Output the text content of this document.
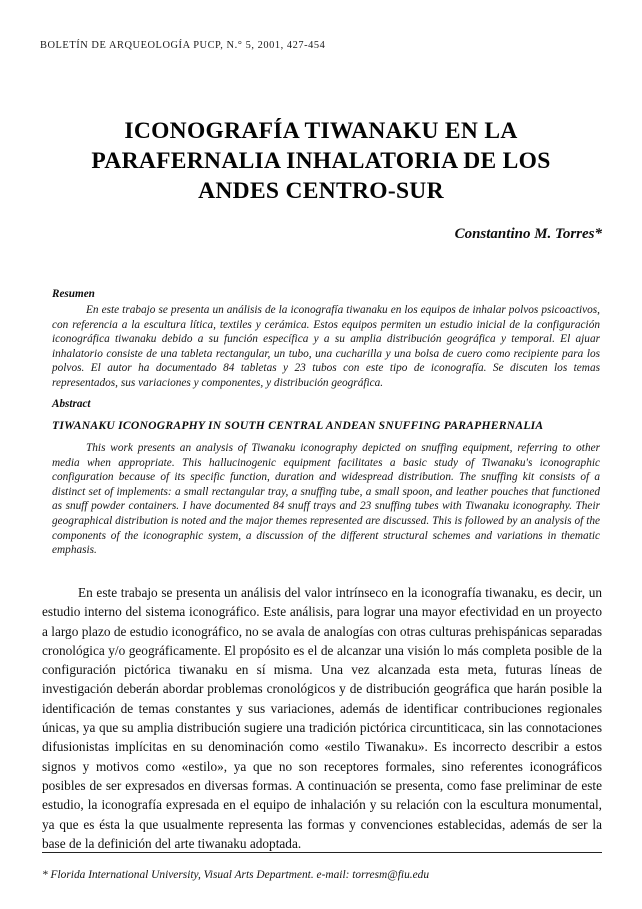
BOLETÍN DE ARQUEOLOGÍA PUCP, N.° 5, 2001, 427-454
ICONOGRAFÍA TIWANAKU EN LA
PARAFERNALIA INHALATORIA DE LOS
ANDES CENTRO-SUR
Constantino M. Torres*
Resumen
En este trabajo se presenta un análisis de la iconografía tiwanaku en los equipos de inhalar polvos psicoactivos, con referencia a la escultura lítica, textiles y cerámica. Estos equipos permiten un estudio inicial de la configuración iconográfica tiwanaku debido a su función específica y a su amplia distribución geográfica y temporal. El ajuar inhalatorio consiste de una tableta rectangular, un tubo, una cucharilla y una bolsa de cuero como recipiente para los polvos. El autor ha documentado 84 tabletas y 23 tubos con este tipo de iconografía. Se discuten los temas representados, sus variaciones y componentes, y distribución geográfica.
Abstract
TIWANAKU ICONOGRAPHY IN SOUTH CENTRAL ANDEAN SNUFFING PARAPHERNALIA
This work presents an analysis of Tiwanaku iconography depicted on snuffing equipment, referring to other media when appropriate. This hallucinogenic equipment facilitates a basic study of Tiwanaku's iconographic configuration because of its specific function, duration and widespread distribution. The snuffing kit consists of a distinct set of implements: a small rectangular tray, a snuffing tube, a small spoon, and leather pouches that functioned as snuff powder containers. I have documented 84 snuff trays and 23 snuffing tubes with Tiwanaku iconography. Their geographical distribution is noted and the major themes represented are discussed. This is followed by an analysis of the components of the iconographic system, a discussion of the different structural schemes and variations in thematic emphasis.
En este trabajo se presenta un análisis del valor intrínseco en la iconografía tiwanaku, es decir, un estudio interno del sistema iconográfico. Este análisis, para lograr una mayor efectividad en un proyecto a largo plazo de estudio iconográfico, no se avala de analogías con otras culturas prehispánicas separadas cronológica y/o geográficamente. El propósito es el de alcanzar una visión lo más completa posible de la configuración pictórica tiwanaku en sí misma. Una vez alcanzada esta meta, futuras líneas de investigación deberán abordar problemas cronológicos y de distribución geográfica que harán posible la identificación de temas constantes y sus variaciones, además de identificar contribuciones regionales únicas, ya que su amplia distribución sugiere una tradición pictórica circuntiticaca, sin las connotaciones difusionistas implícitas en su denominación como «estilo Tiwanaku». Es incorrecto describir a estos signos y motivos como «estilo», ya que no son receptores formales, sino referentes iconográficos posibles de ser expresados en diversas formas. A continuación se presenta, como fase preliminar de este estudio, la iconografía expresada en el equipo de inhalación y su relación con la escultura monumental, ya que es ésta la que usualmente representa las formas y convenciones establecidas, además de ser la base de la definición del arte tiwanaku adoptada.
* Florida International University, Visual Arts Department. e-mail: torresm@fiu.edu
